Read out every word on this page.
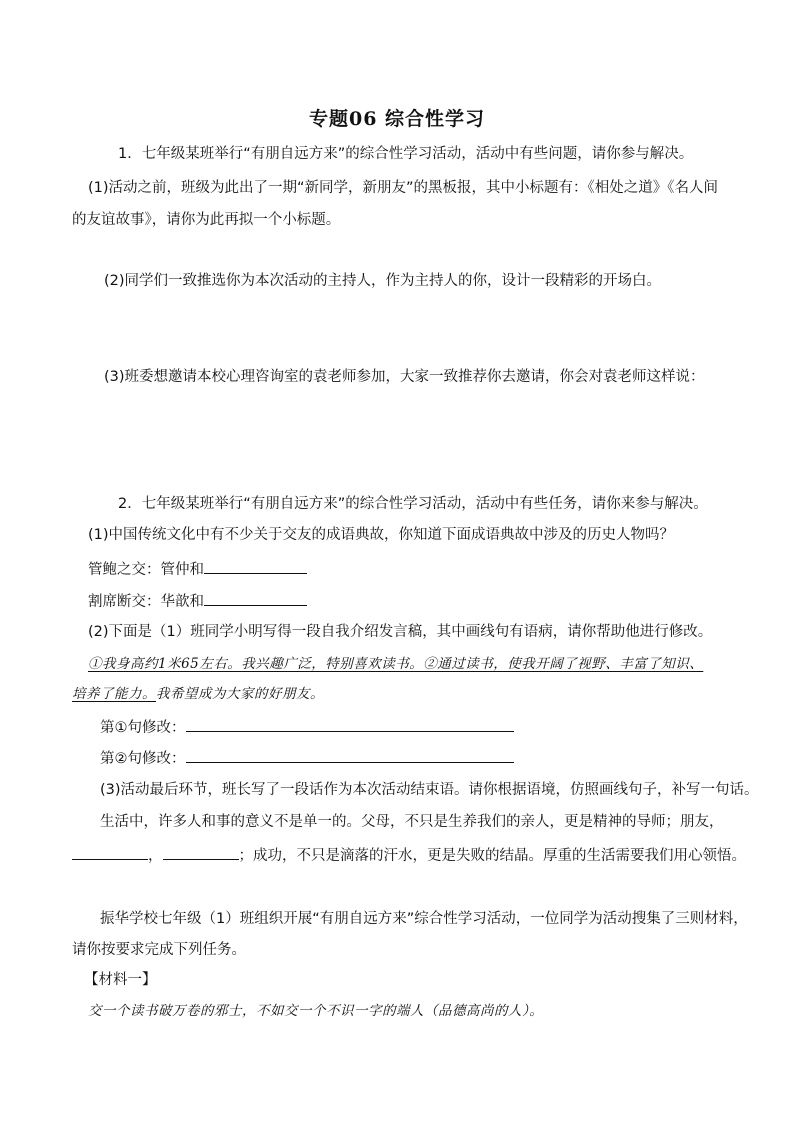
专题06 综合性学习
1．七年级某班举行“有朋自远方来”的综合性学习活动，活动中有些问题，请你参与解决。
(1)活动之前，班级为此出了一期“新同学，新朋友”的黑板报，其中小标题有：《相处之道》《名人间
的友谊故事》，请你为此再拟一个小标题。
(2)同学们一致推选你为本次活动的主持人，作为主持人的你，设计一段精彩的开场白。
(3)班委想邀请本校心理咨询室的袁老师参加，大家一致推荐你去邀请，你会对袁老师这样说：
2．七年级某班举行“有朋自远方来”的综合性学习活动，活动中有些任务，请你来参与解决。
(1)中国传统文化中有不少关于交友的成语典故，你知道下面成语典故中涉及的历史人物吗？
管鲍之交：管仲和
割席断交：华歆和
(2)下面是（1）班同学小明写得一段自我介绍发言稿，其中画线句有语病，请你帮助他进行修改。
①我身高约1米65左右。我兴趣广泛，特别喜欢读书。②通过读书，使我开阔了视野、丰富了知识、
培养了能力。我希望成为大家的好朋友。
第①句修改：
第②句修改：
(3)活动最后环节，班长写了一段话作为本次活动结束语。请你根据语境，仿照画线句子，补写一句话。
生活中，许多人和事的意义不是单一的。父母，不只是生养我们的亲人，更是精神的导师；朋友，
，	；成功，不只是滴落的汗水，更是失败的结晶。厚重的生活需要我们用心领悟。
振华学校七年级（1）班组织开展“有朋自远方来”综合性学习活动，一位同学为活动搜集了三则材料，
请你按要求完成下列任务。
【材料一】
交一个读书破万卷的邪士，不如交一个不识一字的端人（品德高尚的人）。
